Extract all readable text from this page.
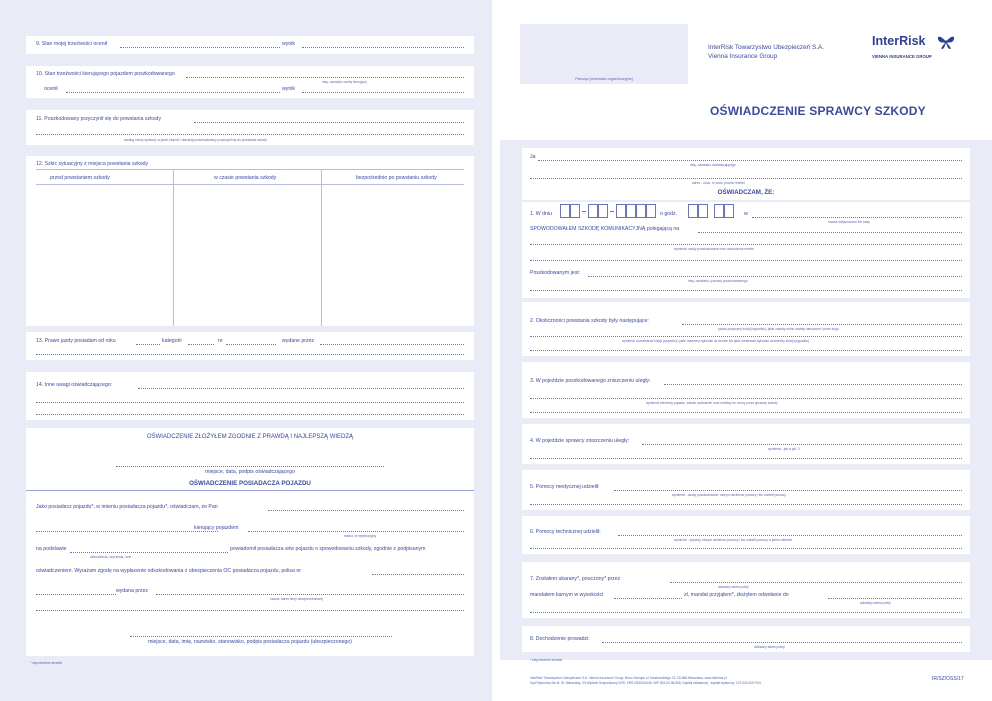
9. Stan mojej trzeźwości ocenił	wynik
10. Stan trzeźwości kierującego pojazdem poszkodowanego
imię, nazwisko osoby kierującej
ocenił	wynik
11. Poszkodowany przyczynił się do powstania szkody
według oceny sprawcy, w jakim stopniu i dlaczego poszkodowany przyczynił się do powstania szkody
12. Szkic sytuacyjny z miejsca powstania szkody
przed powstaniem szkody	w czasie powstania szkody	bezpośrednio po powstaniu szkody
13. Prawo jazdy posiadam od roku	kategorii	nr	wydane przez
14. Inne uwagi oświadczającego:
OŚWIADCZENIE ZŁOŻYŁEM ZGODNIE Z PRAWDĄ I NAJLEPSZĄ WIEDZĄ
miejsce, data, podpis oświadczającego
OŚWIADCZENIE POSIADACZA POJAZDU
Jako posiadacz pojazdu*, w imieniu posiadacza pojazdu*, oświadczam, że Pan
kierujący pojazdem
marka, nr rejestracyjny
na podstawie
zatrudnienia, użyczenia, inne
powiadomił posiadacza w/w pojazdu o spowodowaniu szkody, zgodnie z podpisanym
oświadczeniem. Wyrażam zgodę na wypłacenie odszkodowania z ubezpieczenia OC posiadacza pojazdu, polisa nr
wydana przez
nazwa, adres firmy ubezpieczeniowej
miejsce, data, imię, nazwisko, stanowisko, podpis posiadacza pojazdu (ubezpieczonego)
* niepotrzebne skreślić
Pieczęć jednostki organizacyjnej
InterRisk Towarzystwo Ubezpieczeń S.A.
Vienna Insurance Group
InterRisk
VIENNA INSURANCE GROUP
OŚWIADCZENIE SPRAWCY SZKODY
Ja
imię, nazwisko oświadczającego
adres – ulica, nr kodu, poczta, telefon
OŚWIADCZAM, ŻE:
1. W dniu	o godz.	w
nazwa miejscowości lub trasy
SPOWODOWAŁEM SZKODĘ KOMUNIKACYJNĄ polegającą na
wymienić osoby poszkodowane oraz uszkodzone mienie
Poszkodowanym jest:
imię, nazwisko, (nazwa) poszkodowanego
2. Okoliczności powstania szkody były następujące:
podać przyczyny kolizji (wypadku), jakie zasady ruchu zostały naruszone i przez kogo
wymienić uczestników kolizji (wypadku), jakie manewry wykonali na drodze lub jakie zamierzali wykonać uczestnicy kolizji (wypadku)
3. W pojeździe poszkodowanego zniszczeniu uległy:
wymienić elementy pojazdu, zakres uszkodzeń oraz możliwy do oceny przez sprawcę szkody
4. W pojeździe sprawcy zniszczeniu uległy:
wymienić : jak w pkt. 3
5. Pomocy medycznej udzielił:
wymienić : osoby poszkodowane, którym udzielono pomocy i kto udzielił pomocy
6. Pomocy technicznej udzielił:
wymienić : pojazdy, którym udzielono pomocy i kto udzielił pomocy w jakim zakresie
7. Zostałem ukarany*, pouczony* przez
dokładny adres policji
mandatem karnym w wysokości	zł, mandat przyjąłem*, złożyłem odwołanie do
dokładny adres policji
8. Dochodzenie prowadzi:
dokładny adres policji
* niepotrzebne skreślić
InterRisk Towarzystwo Ubezpieczeń S.A. Vienna Insurance Group, Biuro Zarządu ul. Noakowskiego 22, 00-668 Warszawa, www.interrisk.pl
Sąd Rejonowy dla M. St. Warszawy, XII Wydział Gospodarczy KRS, KRS 0000054136, NIP 526-00-38-806, Kapitał zakładowy - kapitał wpłacony: 137.640.300 PLN
IR/SZ/OSS/17
